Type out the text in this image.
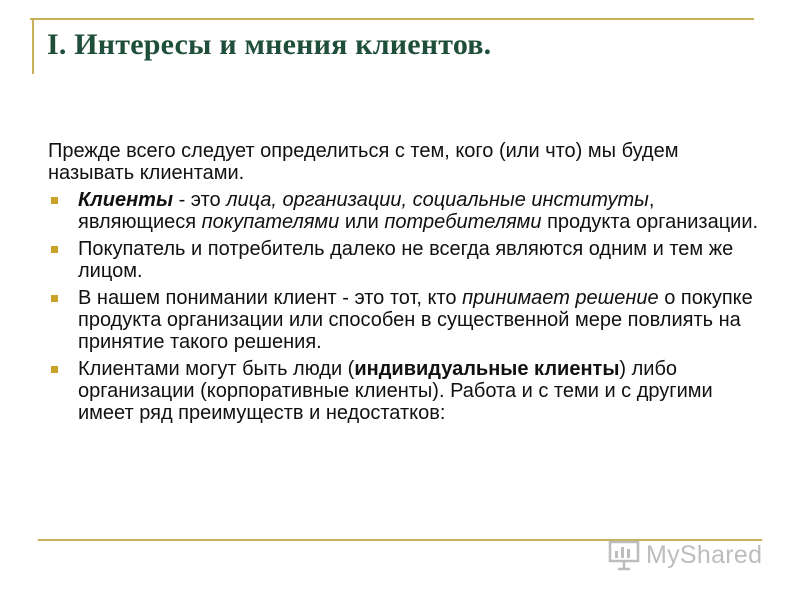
I. Интересы и мнения клиентов.

Прежде всего следует определиться с тем, кого (или что) мы будем называть клиентами.

Клиенты - это лица, организации, социальные институты, являющиеся покупателями или потребителями продукта организации.
Покупатель и потребитель далеко не всегда являются одним и тем же лицом.
В нашем понимании клиент - это тот, кто принимает решение о покупке продукта организации или способен в существенной мере повлиять на принятие такого решения.
Клиентами могут быть люди (индивидуальные клиенты) либо организации (корпоративные клиенты). Работа и с теми и с другими имеет ряд преимуществ и недостатков:
MyShared
